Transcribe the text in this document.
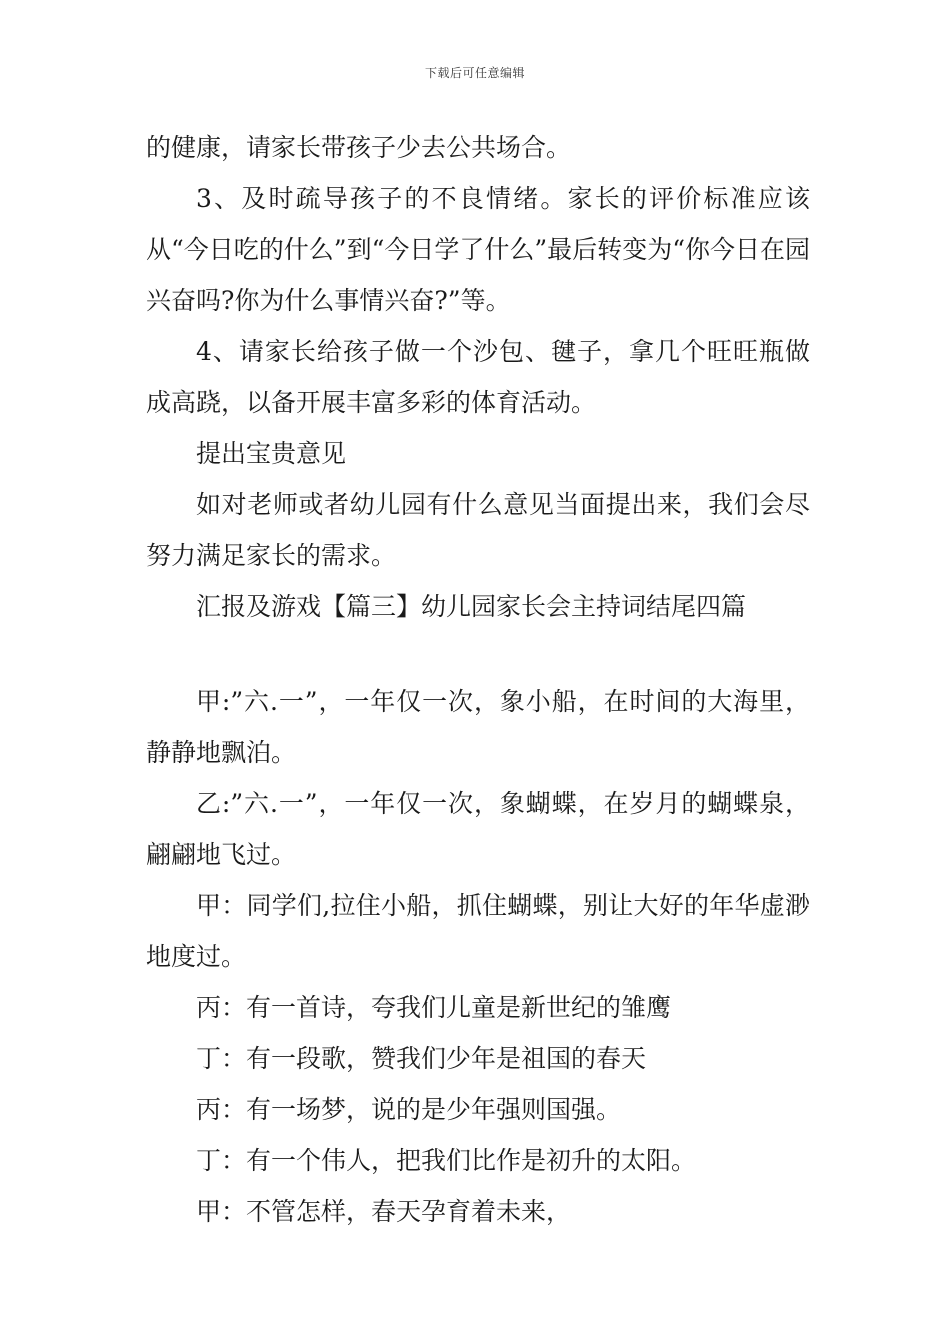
下载后可任意编辑

的健康，请家长带孩子少去公共场合。

3、及时疏导孩子的不良情绪。家长的评价标准应该从“今日吃的什么”到“今日学了什么”最后转变为“你今日在园兴奋吗?你为什么事情兴奋?”等。

4、请家长给孩子做一个沙包、毽子，拿几个旺旺瓶做成高跷，以备开展丰富多彩的体育活动。

提出宝贵意见

如对老师或者幼儿园有什么意见当面提出来，我们会尽努力满足家长的需求。

汇报及游戏【篇三】幼儿园家长会主持词结尾四篇

甲:”六.一”，一年仅一次，象小船，在时间的大海里，静静地飘泊。

乙:”六.一”，一年仅一次，象蝴蝶，在岁月的蝴蝶泉，翩翩地飞过。

甲：同学们,拉住小船，抓住蝴蝶，别让大好的年华虚渺地度过。

丙：有一首诗，夸我们儿童是新世纪的雏鹰

丁：有一段歌，赞我们少年是祖国的春天

丙：有一场梦，说的是少年强则国强。

丁：有一个伟人，把我们比作是初升的太阳。

甲：不管怎样，春天孕育着未来，
